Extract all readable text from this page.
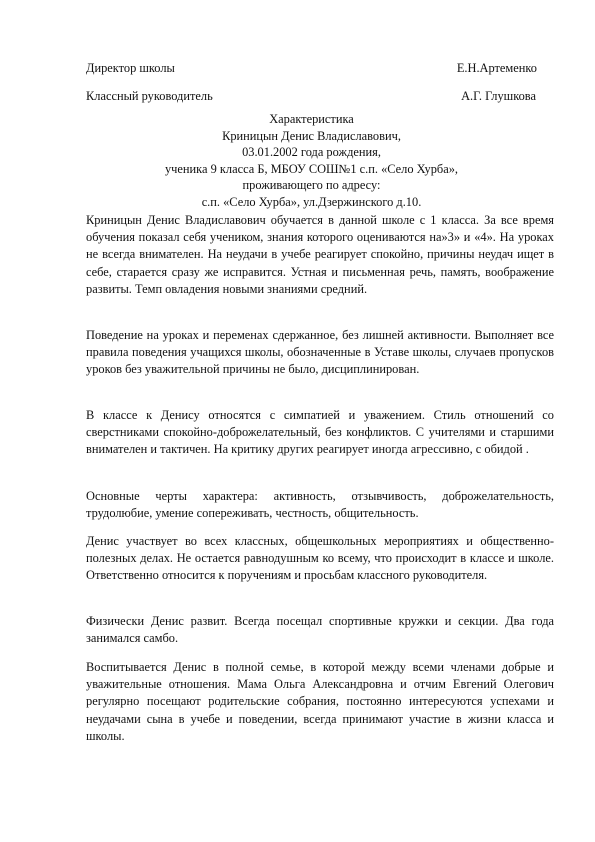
Директор школы	Е.Н.Артеменко
Классный руководитель	А.Г. Глушкова
Характеристика
Криницын Денис Владиславович,
03.01.2002 года рождения,
ученика 9 класса Б, МБОУ СОШ№1 с.п. «Село Хурба»,
проживающего по адресу:
с.п. «Село Хурба», ул.Дзержинского д.10.

Криницын Денис Владиславович обучается в данной школе с 1 класса. За все время обучения показал себя учеником, знания которого оцениваются на»3» и «4». На уроках не всегда внимателен. На неудачи в учебе реагирует спокойно, причины неудач ищет в себе, старается сразу же исправится. Устная и письменная речь, память, воображение развиты. Темп овладения новыми знаниями средний.

Поведение на уроках и переменах сдержанное, без лишней активности. Выполняет все правила поведения учащихся школы, обозначенные в Уставе школы, случаев пропусков уроков без уважительной причины не было, дисциплинирован.

В классе к Денису относятся с симпатией и уважением. Стиль отношений со сверстниками спокойно-доброжелательный, без конфликтов. С учителями и старшими внимателен и тактичен. На критику других реагирует иногда агрессивно, с обидой .

Основные черты характера: активность, отзывчивость, доброжелательность, трудолюбие, умение сопереживать, честность, общительность.

Денис участвует во всех классных, общешкольных мероприятиях и общественно-полезных делах. Не остается равнодушным ко всему, что происходит в классе и школе. Ответственно относится к поручениям и просьбам классного руководителя.

Физически Денис развит. Всегда посещал спортивные кружки и секции. Два года занимался самбо.

Воспитывается Денис в полной семье, в которой между всеми членами добрые и уважительные отношения. Мама Ольга Александровна и отчим Евгений Олегович регулярно посещают родительские собрания, постоянно интересуются успехами и неудачами сына в учебе и поведении, всегда принимают участие в жизни класса и школы.
